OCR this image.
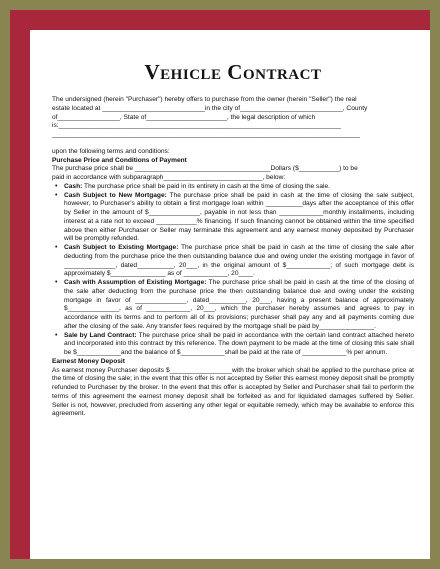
Vehicle Contract

The undersigned (herein "Purchaser") hereby offers to purchase from the owner (herein "Seller") the real

estate located at ____________________________in the city of____________________________, County

of_________________, State of______________________, the legal description of which

is:_____________________________________________________________________________

____________________________________________________________________________________

upon the following terms and conditions:

Purchase Price and Conditions of Payment

The purchase price shall be _____________________________________Dollars ($___________) to be

paid in accordance with subparagraph___________________________, below:

• Cash: The purchase price shall be paid in its entirety in cash at the time of closing the sale.
• Cash Subject to New Mortgage: The purchase price shall be paid in cash at the time of closing the sale subject, however, to Purchaser's ability to obtain a first mortgage loan within __________days after the acceptance of this offer by Seller in the amount of $______________, payable in not less than ____________monthly installments, including interest at a rate not to exceed ___________% financing. If such financing cannot be obtained within the time specified above then either Purchaser or Seller may terminate this agreement and any earnest money deposited by Purchaser will be promptly refunded.
• Cash Subject to Existing Mortgage: The purchase price shall be paid in cash at the time of closing the sale after deducting from the purchase price the then outstanding balance due and owing under the existing mortgage in favor of ______________, dated__________, 20___, in the original amount of $____________; of such mortgage debt is approximately $_______________ as of ____________, 20____.
• Cash with Assumption of Existing Mortgage: The purchase price shall be paid in cash at the time of the closing of the sale after deducting from the purchase price the then outstanding balance due and owing under the existing mortgage in favor of ______________, dated__________, 20___, having a present balance of approximately $______________, as of ____________, 20___, which the purchaser hereby assumes and agrees to pay in accordance with its terms and to perform all of its provisions; purchaser shall pay any and all payments coming due after the closing of the sale. Any transfer fees required by the mortgage shall be paid by_______________.
• Sale by Land Contract: The purchase price shall be paid in accordance with the certain land contract attached hereto and incorporated into this contract by this reference. The down payment to be made at the time of closing this sale shall be $____________and the balance of $____________shall be paid at the rate of ____________% per annum.

Earnest Money Deposit

As earnest money Purchaser deposits $_________________with the broker which shall be applied to the purchase price at the time of closing the sale; in the event that this offer is not accepted by Seller this earnest money deposit shall be promptly refunded to Purchaser by the broker. In the event that this offer is accepted by Seller and Purchaser shall fail to perform the terms of this agreement the earnest money deposit shall be forfeited as and for liquidated damages suffered by Seller. Seller is not, however, precluded from asserting any other legal or equitable remedy, which may be available to enforce this agreement.
